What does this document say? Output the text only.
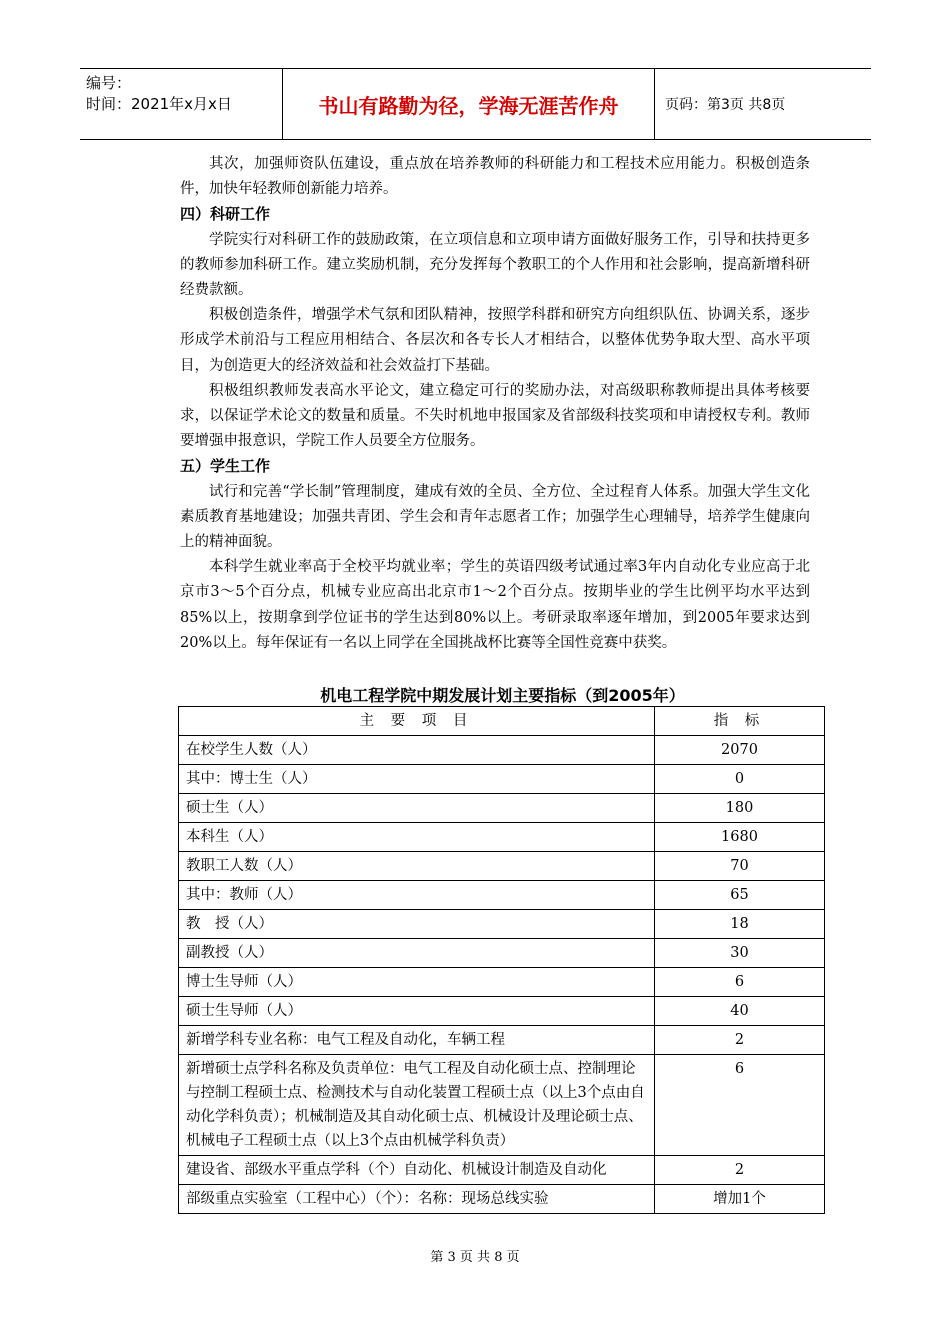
编号：
时间：2021年x月x日	书山有路勤为径，学海无涯苦作舟	页码：第3页 共8页

其次，加强师资队伍建设，重点放在培养教师的科研能力和工程技术应用能力。积极创造条件，加快年轻教师创新能力培养。

四）科研工作

学院实行对科研工作的鼓励政策，在立项信息和立项申请方面做好服务工作，引导和扶持更多的教师参加科研工作。建立奖励机制，充分发挥每个教职工的个人作用和社会影响，提高新增科研经费款额。

积极创造条件，增强学术气氛和团队精神，按照学科群和研究方向组织队伍、协调关系，逐步形成学术前沿与工程应用相结合、各层次和各专长人才相结合，以整体优势争取大型、高水平项目，为创造更大的经济效益和社会效益打下基础。

积极组织教师发表高水平论文，建立稳定可行的奖励办法，对高级职称教师提出具体考核要求，以保证学术论文的数量和质量。不失时机地申报国家及省部级科技奖项和申请授权专利。教师要增强申报意识，学院工作人员要全方位服务。

五）学生工作

试行和完善“学长制”管理制度，建成有效的全员、全方位、全过程育人体系。加强大学生文化素质教育基地建设；加强共青团、学生会和青年志愿者工作；加强学生心理辅导，培养学生健康向上的精神面貌。

本科学生就业率高于全校平均就业率；学生的英语四级考试通过率3年内自动化专业应高于北京市3～5个百分点，机械专业应高出北京市1～2个百分点。按期毕业的学生比例平均水平达到85%以上，按期拿到学位证书的学生达到80%以上。考研录取率逐年增加，到2005年要求达到20%以上。每年保证有一名以上同学在全国挑战杯比赛等全国性竞赛中获奖。

机电工程学院中期发展计划主要指标（到2005年）
主 要 项 目	指 标
在校学生人数（人）	2070
其中：博士生（人）	0
硕士生（人）	180
本科生（人）	1680
教职工人数（人）	70
其中：教师（人）	65
教　授（人）	18
副教授（人）	30
博士生导师（人）	6
硕士生导师（人）	40
新增学科专业名称：电气工程及自动化，车辆工程	2
新增硕士点学科名称及负责单位：电气工程及自动化硕士点、控制理论与控制工程硕士点、检测技术与自动化装置工程硕士点（以上3个点由自动化学科负责）；机械制造及其自动化硕士点、机械设计及理论硕士点、机械电子工程硕士点（以上3个点由机械学科负责）	6
建设省、部级水平重点学科（个）自动化、机械设计制造及自动化	2
部级重点实验室（工程中心）（个）：名称：现场总线实验	增加1个
第 3 页 共 8 页
